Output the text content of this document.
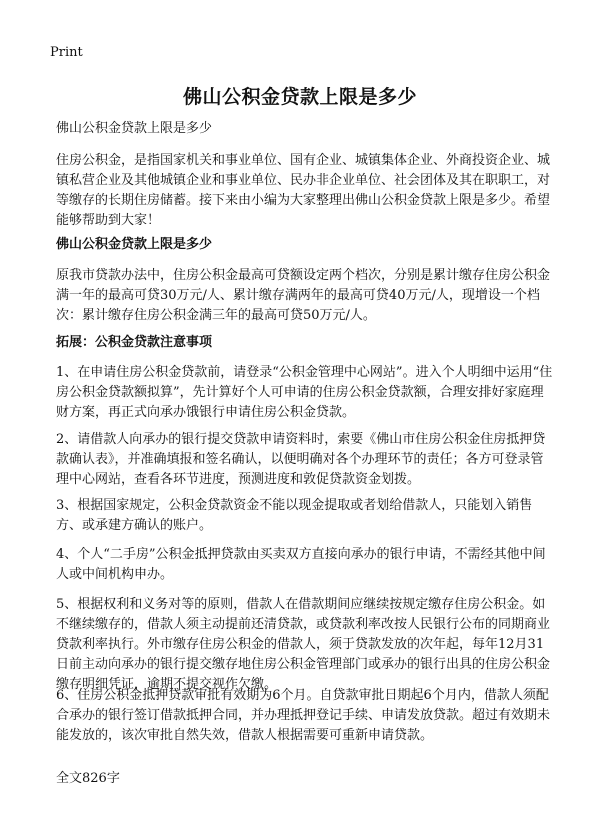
Print
佛山公积金贷款上限是多少

佛山公积金贷款上限是多少

住房公积金，是指国家机关和事业单位、国有企业、城镇集体企业、外商投资企业、城镇私营企业及其他城镇企业和事业单位、民办非企业单位、社会团体及其在职职工，对等缴存的长期住房储蓄。接下来由小编为大家整理出佛山公积金贷款上限是多少。希望能够帮助到大家！

佛山公积金贷款上限是多少

原我市贷款办法中，住房公积金最高可贷额设定两个档次，分别是累计缴存住房公积金满一年的最高可贷30万元/人、累计缴存满两年的最高可贷40万元/人，现增设一个档次：累计缴存住房公积金满三年的最高可贷50万元/人。

拓展：公积金贷款注意事项

1、在申请住房公积金贷款前，请登录“公积金管理中心网站”。进入个人明细中运用“住房公积金贷款额拟算”，先计算好个人可申请的住房公积金贷款额，合理安排好家庭理财方案，再正式向承办饿银行申请住房公积金贷款。

2、请借款人向承办的银行提交贷款申请资料时，索要《佛山市住房公积金住房抵押贷款确认表》，并准确填报和签名确认，以便明确对各个办理环节的责任；各方可登录管理中心网站，查看各环节进度，预测进度和敦促贷款资金划拨。

3、根据国家规定，公积金贷款资金不能以现金提取或者划给借款人，只能划入销售方、或承建方确认的账户。

4、个人“二手房”公积金抵押贷款由买卖双方直接向承办的银行申请，不需经其他中间人或中间机构申办。

5、根据权利和义务对等的原则，借款人在借款期间应继续按规定缴存住房公积金。如不继续缴存的，借款人须主动提前还清贷款，或贷款利率改按人民银行公布的同期商业贷款利率执行。外市缴存住房公积金的借款人，须于贷款发放的次年起，每年12月31日前主动向承办的银行提交缴存地住房公积金管理部门或承办的银行出具的住房公积金缴存明细凭证，逾期不提交视作欠缴。

6、住房公积金抵押贷款审批有效期为6个月。自贷款审批日期起6个月内，借款人须配合承办的银行签订借款抵押合同，并办理抵押登记手续、申请发放贷款。超过有效期未能发放的，该次审批自然失效，借款人根据需要可重新申请贷款。

全文826字
